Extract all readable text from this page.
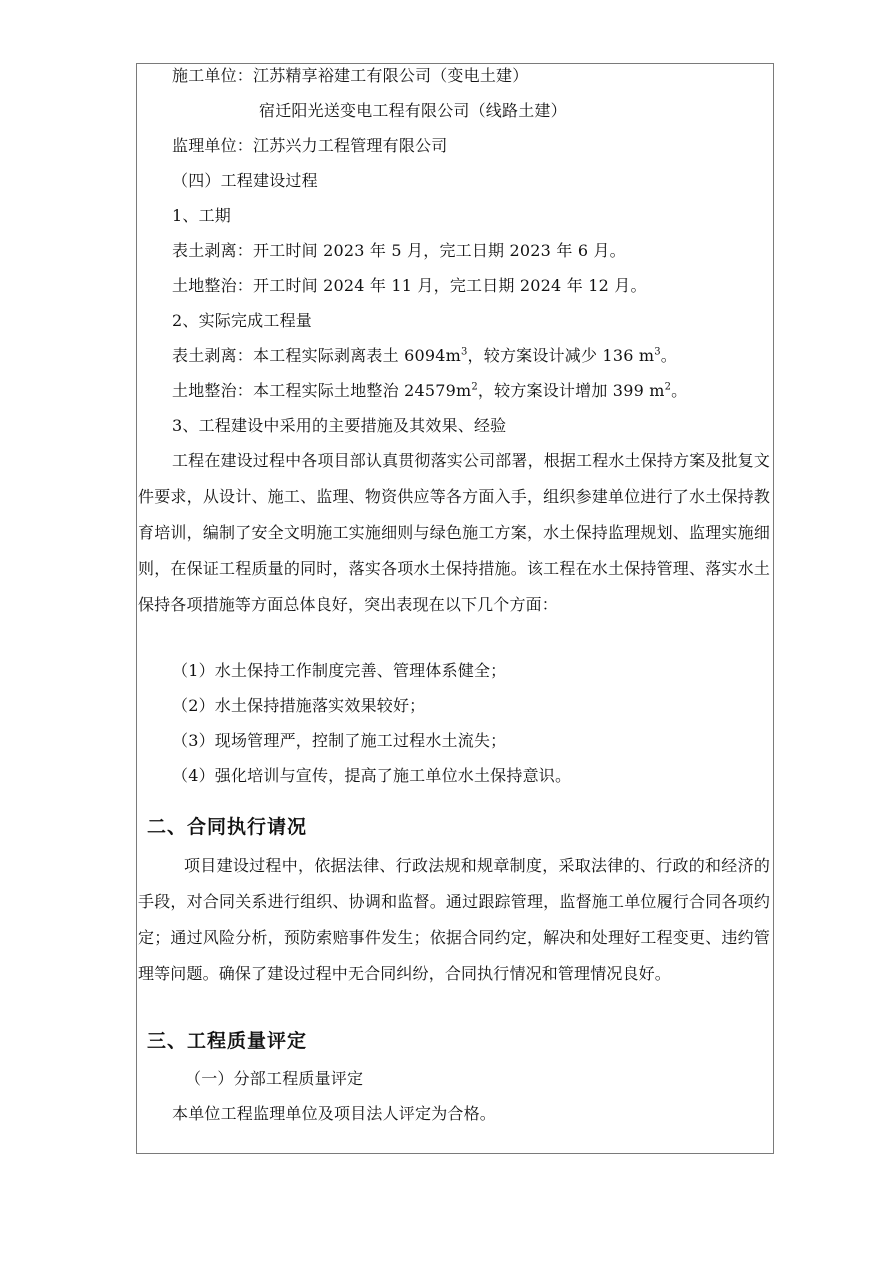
施工单位：江苏精享裕建工有限公司（变电土建）
宿迁阳光送变电工程有限公司（线路土建）
监理单位：江苏兴力工程管理有限公司
（四）工程建设过程
1、工期
表土剥离：开工时间 2023 年 5 月，完工日期 2023 年 6 月。
土地整治：开工时间 2024 年 11 月，完工日期 2024 年 12 月。
2、实际完成工程量
表土剥离：本工程实际剥离表土 $6094m^3$，较方案设计减少 136 $m^3$。
土地整治：本工程实际土地整治 $24579m^2$，较方案设计增加 399 $m^2$。
3、工程建设中采用的主要措施及其效果、经验
工程在建设过程中各项目部认真贯彻落实公司部署，根据工程水土保持方案及批复文件要求，从设计、施工、监理、物资供应等各方面入手，组织参建单位进行了水土保持教育培训，编制了安全文明施工实施细则与绿色施工方案，水土保持监理规划、监理实施细则，在保证工程质量的同时，落实各项水土保持措施。该工程在水土保持管理、落实水土保持各项措施等方面总体良好，突出表现在以下几个方面：
（1）水土保持工作制度完善、管理体系健全；
（2）水土保持措施落实效果较好；
（3）现场管理严，控制了施工过程水土流失；
（4）强化培训与宣传，提高了施工单位水土保持意识。
二、合同执行请况
项目建设过程中，依据法律、行政法规和规章制度，采取法律的、行政的和经济的手段，对合同关系进行组织、协调和监督。通过跟踪管理，监督施工单位履行合同各项约定；通过风险分析，预防索赔事件发生；依据合同约定，解决和处理好工程变更、违约管理等问题。确保了建设过程中无合同纠纷，合同执行情况和管理情况良好。
三、工程质量评定
（一）分部工程质量评定
本单位工程监理单位及项目法人评定为合格。
